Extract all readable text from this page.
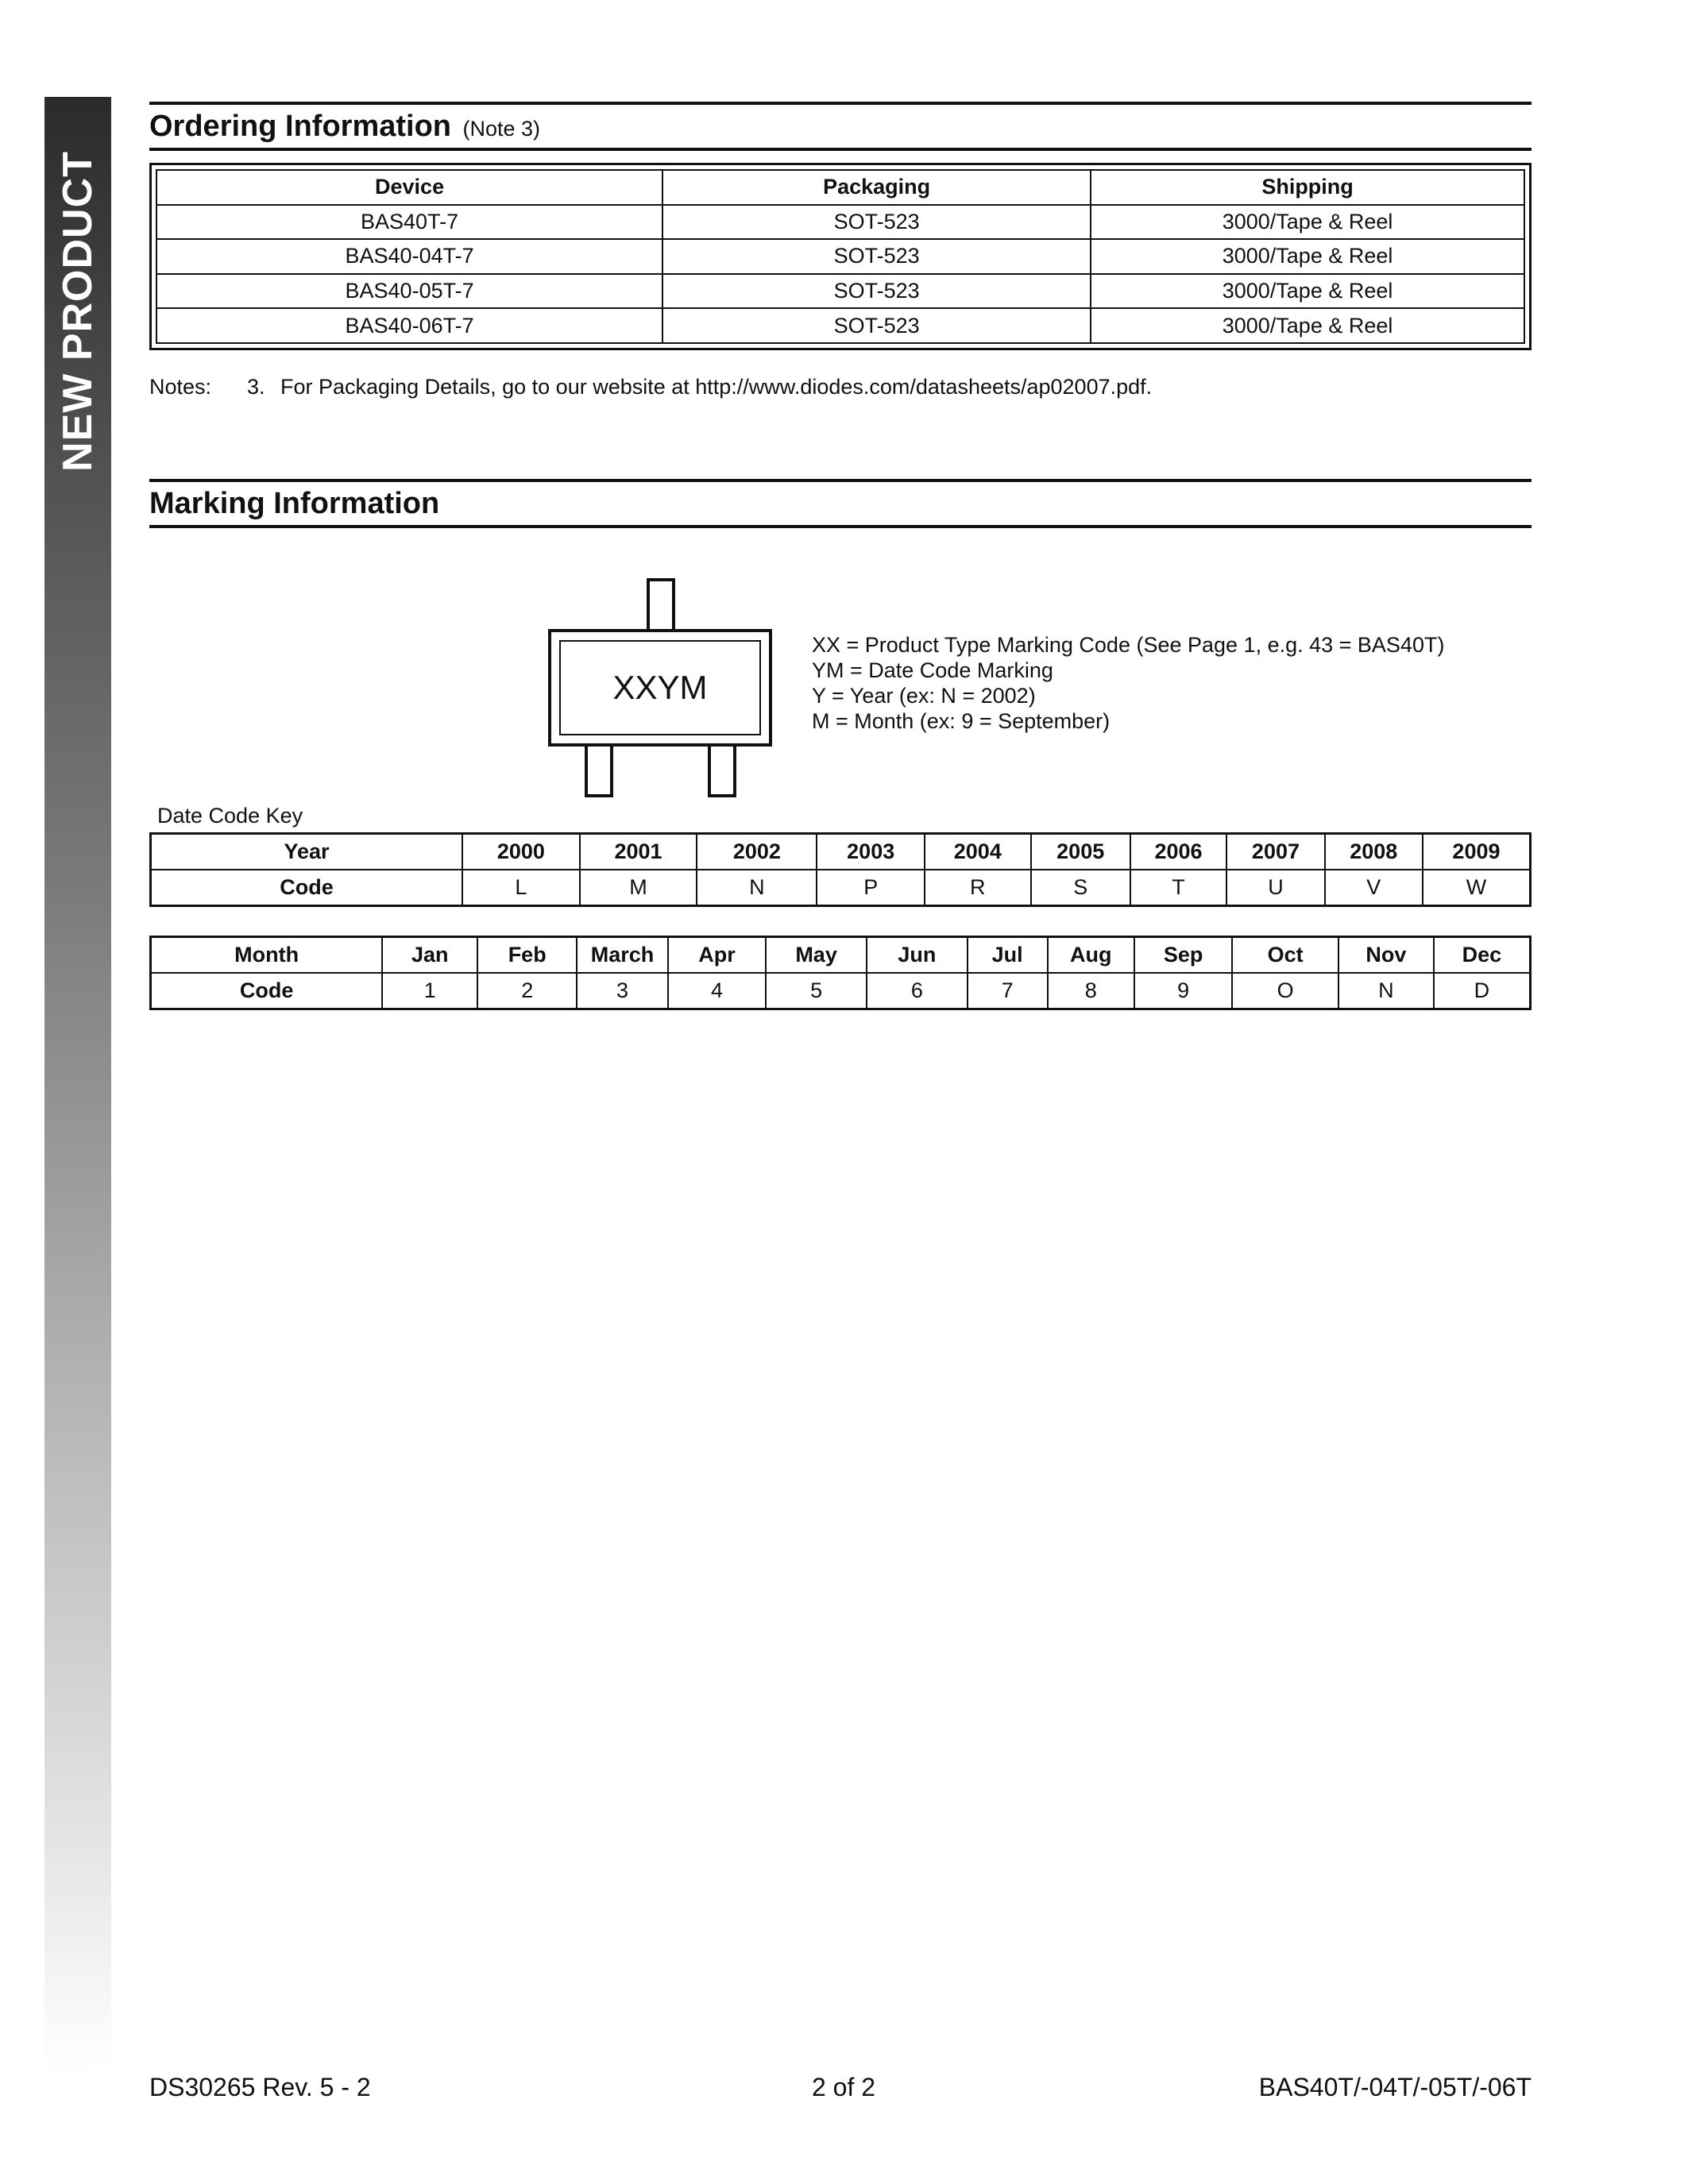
NEW PRODUCT
Ordering Information (Note 3)
Device	Packaging	Shipping
BAS40T-7	SOT-523	3000/Tape & Reel
BAS40-04T-7	SOT-523	3000/Tape & Reel
BAS40-05T-7	SOT-523	3000/Tape & Reel
BAS40-06T-7	SOT-523	3000/Tape & Reel
Notes: 3. For Packaging Details, go to our website at http://www.diodes.com/datasheets/ap02007.pdf.
Marking Information
XXYM
XX = Product Type Marking Code (See Page 1, e.g. 43 = BAS40T)
YM = Date Code Marking
Y = Year (ex: N = 2002)
M = Month (ex: 9 = September)
Date Code Key
Year	2000	2001	2002	2003	2004	2005	2006	2007	2008	2009
Code	L	M	N	P	R	S	T	U	V	W
Month	Jan	Feb	March	Apr	May	Jun	Jul	Aug	Sep	Oct	Nov	Dec
Code	1	2	3	4	5	6	7	8	9	O	N	D
DS30265 Rev. 5 - 2	2 of 2	BAS40T/-04T/-05T/-06T
